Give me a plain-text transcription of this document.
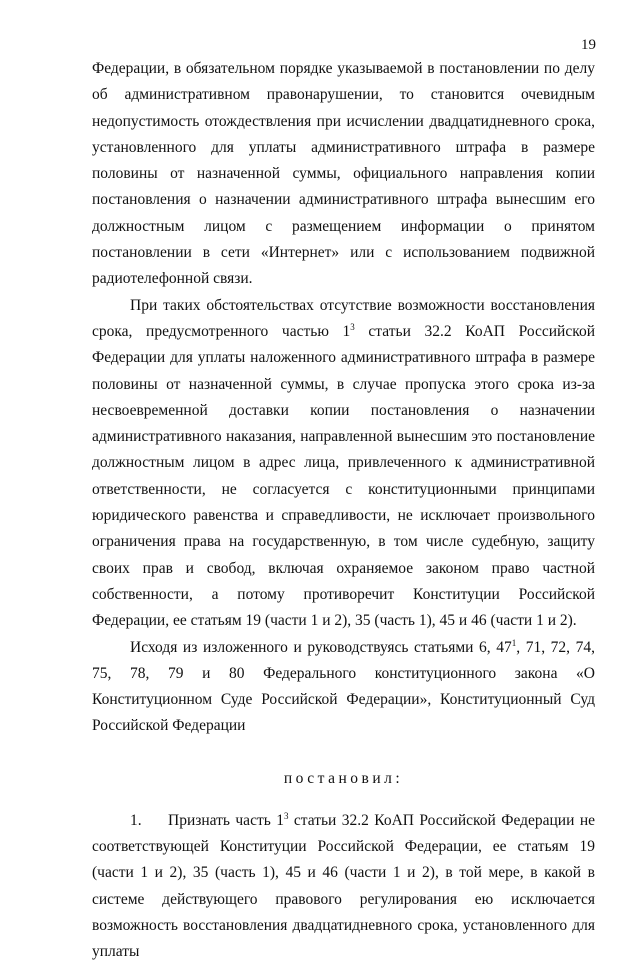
19

Федерации, в обязательном порядке указываемой в постановлении по делу об административном правонарушении, то становится очевидным недопустимость отождествления при исчислении двадцатидневного срока, установленного для уплаты административного штрафа в размере половины от назначенной суммы, официального направления копии постановления о назначении административного штрафа вынесшим его должностным лицом с размещением информации о принятом постановлении в сети «Интернет» или с использованием подвижной радиотелефонной связи.

При таких обстоятельствах отсутствие возможности восстановления срока, предусмотренного частью $1^3$ статьи 32.2 КоАП Российской Федерации для уплаты наложенного административного штрафа в размере половины от назначенной суммы, в случае пропуска этого срока из-за несвоевременной доставки копии постановления о назначении административного наказания, направленной вынесшим это постановление должностным лицом в адрес лица, привлеченного к административной ответственности, не согласуется с конституционными принципами юридического равенства и справедливости, не исключает произвольного ограничения права на государственную, в том числе судебную, защиту своих прав и свобод, включая охраняемое законом право частной собственности, а потому противоречит Конституции Российской Федерации, ее статьям 19 (части 1 и 2), 35 (часть 1), 45 и 46 (части 1 и 2).

Исходя из изложенного и руководствуясь статьями 6, $47^1$, 71, 72, 74, 75, 78, 79 и 80 Федерального конституционного закона «О Конституционном Суде Российской Федерации», Конституционный Суд Российской Федерации

постановил:

1. Признать часть $1^3$ статьи 32.2 КоАП Российской Федерации не соответствующей Конституции Российской Федерации, ее статьям 19 (части 1 и 2), 35 (часть 1), 45 и 46 (части 1 и 2), в той мере, в какой в системе действующего правового регулирования ею исключается возможность восстановления двадцатидневного срока, установленного для уплаты
